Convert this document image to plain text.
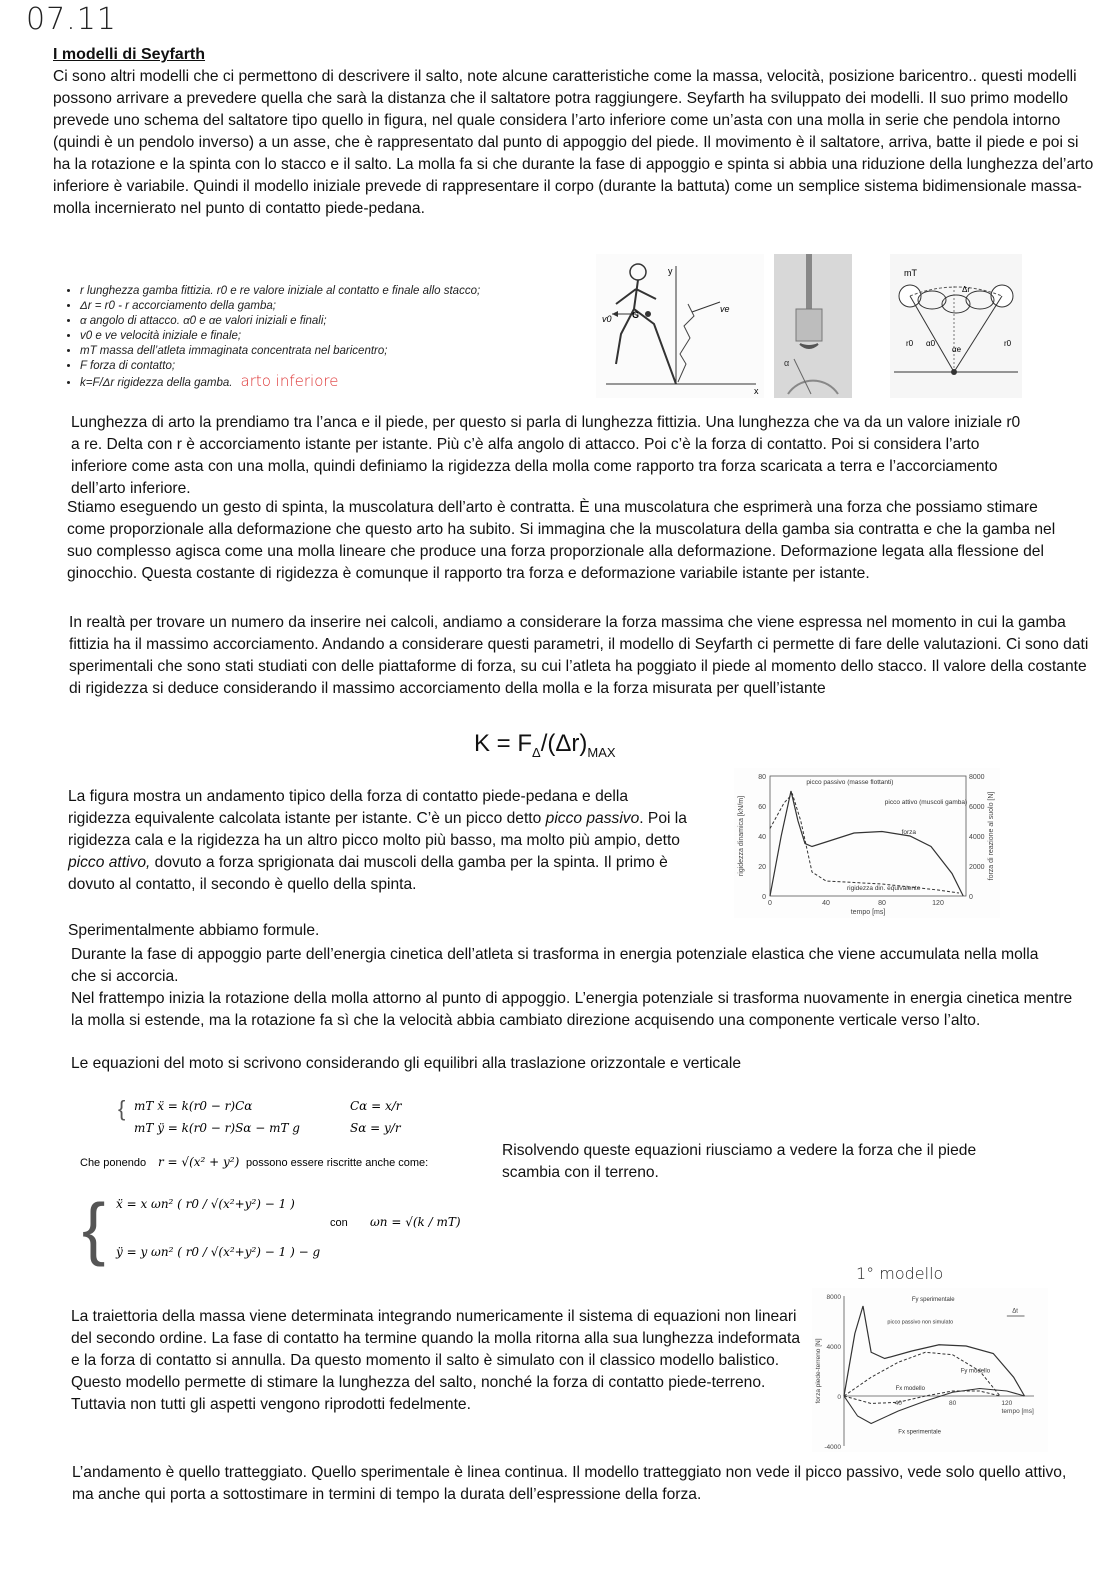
07.11
I modelli di Seyfarth
Ci sono altri modelli che ci permettono di descrivere il salto, note alcune caratteristiche come la massa, velocità, posizione baricentro.. questi modelli possono arrivare a prevedere quella che sarà la distanza che il saltatore potra raggiungere. Seyfarth ha sviluppato dei modelli. Il suo primo modello prevede uno schema del saltatore tipo quello in figura, nel quale considera l’arto inferiore come un’asta con una molla in serie che pendola intorno (quindi è un pendolo inverso) a un asse, che è rappresentato dal punto di appoggio del piede. Il movimento è il saltatore, arriva, batte il piede e poi si ha la rotazione e la spinta con lo stacco e il salto. La molla fa si che durante la fase di appoggio e spinta si abbia una riduzione della lunghezza del’arto inferiore è variabile. Quindi il modello iniziale prevede di rappresentare il corpo (durante la battuta) come un semplice sistema bidimensionale massa-molla incernierato nel punto di contatto piede-pedana.
• r lunghezza gamba fittizia. r0 e re valore iniziale al contatto e finale allo stacco;
• Δr = r0 - r accorciamento della gamba;
• α angolo di attacco. α0 e αe valori iniziali e finali;
• v0 e ve velocità iniziale e finale;
• mT massa dell’atleta immaginata concentrata nel baricentro;
• F forza di contatto;
• k=F/Δr rigidezza della gamba. arto inferiore
y
x
v0 G
ve
α
mT
Δr
r0 α0
αe
r0
Lunghezza di arto la prendiamo tra l’anca e il piede, per questo si parla di lunghezza fittizia. Una lunghezza che va da un valore iniziale r0 a re. Delta con r è accorciamento istante per istante. Più c’è alfa angolo di attacco. Poi c’è la forza di contatto. Poi si considera l’arto inferiore come asta con una molla, quindi definiamo la rigidezza della molla come rapporto tra forza scaricata a terra e l’accorciamento dell’arto inferiore.
Stiamo eseguendo un gesto di spinta, la muscolatura dell’arto è contratta. È una muscolatura che esprimerà una forza che possiamo stimare come proporzionale alla deformazione che questo arto ha subito. Si immagina che la muscolatura della gamba sia contratta e che la gamba nel suo complesso agisca come una molla lineare che produce una forza proporzionale alla deformazione. Deformazione legata alla flessione del ginocchio. Questa costante di rigidezza è comunque il rapporto tra forza e deformazione variabile istante per istante.
In realtà per trovare un numero da inserire nei calcoli, andiamo a considerare la forza massima che viene espressa nel momento in cui la gamba fittizia ha il massimo accorciamento. Andando a considerare questi parametri, il modello di Seyfarth ci permette di fare delle valutazioni. Ci sono dati sperimentali che sono stati studiati con delle piattaforme di forza, su cui l’atleta ha poggiato il piede al momento dello stacco. Il valore della costante di rigidezza si deduce considerando il massimo accorciamento della molla e la forza misurata per quell’istante
$K = F_\Delta/(\Delta r)_{MAX}$
La figura mostra un andamento tipico della forza di contatto piede-pedana e della rigidezza equivalente calcolata istante per istante. C’è un picco detto picco passivo. Poi la rigidezza cala e la rigidezza ha un altro picco molto più basso, ma molto più ampio, detto picco attivo, dovuto a forza sprigionata dai muscoli della gamba per la spinta. Il primo è dovuto al contatto, il secondo è quello della spinta.
0
20
40
60
80
0
2000
4000
6000
8000
0	40	80	120
tempo [ms]
rigidezza dinamica [kN/m]	forza di reazione al suolo [N]
picco passivo (masse flottanti)
picco attivo (muscoli gamba)
forza
rigidezza din. equivalente
Sperimentalmente abbiamo formule.
Durante la fase di appoggio parte dell’energia cinetica dell’atleta si trasforma in energia potenziale elastica che viene accumulata nella molla che si accorcia.
Nel frattempo inizia la rotazione della molla attorno al punto di appoggio. L’energia potenziale si trasforma nuovamente in energia cinetica mentre la molla si estende, ma la rotazione fa sì che la velocità abbia cambiato direzione acquisendo una componente verticale verso l’alto.
Le equazioni del moto si scrivono considerando gli equilibri alla traslazione orizzontale e verticale
{ mT ẍ = k(r0 − r)Cα
mT ÿ = k(r0 − r)Sα − mT g
Cα = x/r
Sα = y/r
Che ponendo r = √(x² + y²) possono essere riscritte anche come:
{ ẍ = x ωn² ( r0 / √(x²+y²) − 1 )
ÿ = y ωn² ( r0 / √(x²+y²) − 1 ) − g
con ωn = √(k / mT)
Risolvendo queste equazioni riusciamo a vedere la forza che il piede scambia con il terreno.
1° modello
La traiettoria della massa viene determinata integrando numericamente il sistema di equazioni non lineari del secondo ordine. La fase di contatto ha termine quando la molla ritorna alla sua lunghezza indeformata e la forza di contatto si annulla. Da questo momento il salto è simulato con il classico modello balistico. Questo modello permette di stimare la lunghezza del salto, nonché la forza di contatto piede-terreno. Tuttavia non tutti gli aspetti vengono riprodotti fedelmente.
-4000
0
4000
8000
40	80	120
tempo [ms]
forza piede-terreno [N]
Fy sperimentale
picco passivo non simulato
Fx modello
Fy modello
Fx sperimentale
Δt
L’andamento è quello tratteggiato. Quello sperimentale è linea continua. Il modello tratteggiato non vede il picco passivo, vede solo quello attivo, ma anche qui porta a sottostimare in termini di tempo la durata dell’espressione della forza.
